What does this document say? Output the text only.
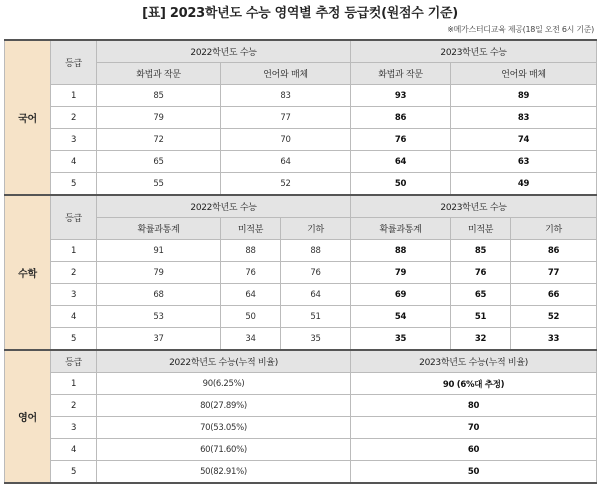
[표] 2023학년도 수능 영역별 추정 등급컷(원점수 기준)
※메가스터디교육 제공(18일 오전 6시 기준)
국어	등급	2022학년도 수능			2023학년도 수능		
		화법과 작문	언어와 매체		화법과 작문	언어와 매체	
	1	85	83		93	89	
	2	79	77		86	83	
	3	72	70		76	74	
	4	65	64		64	63	
	5	55	52		50	49	
수학	등급	2022학년도 수능			2023학년도 수능		
		확률과통계	미적분	기하	확률과통계	미적분	기하
	1	91	88	88	88	85	86
	2	79	76	76	79	76	77
	3	68	64	64	69	65	66
	4	53	50	51	54	51	52
	5	37	34	35	35	32	33
영어	등급	2022학년도 수능(누적 비율)			2023학년도 수능(누적 비율)		
	1	90(6.25%)			90 (6%대 추정)		
	2	80(27.89%)			80		
	3	70(53.05%)			70		
	4	60(71.60%)			60		
	5	50(82.91%)			50		
